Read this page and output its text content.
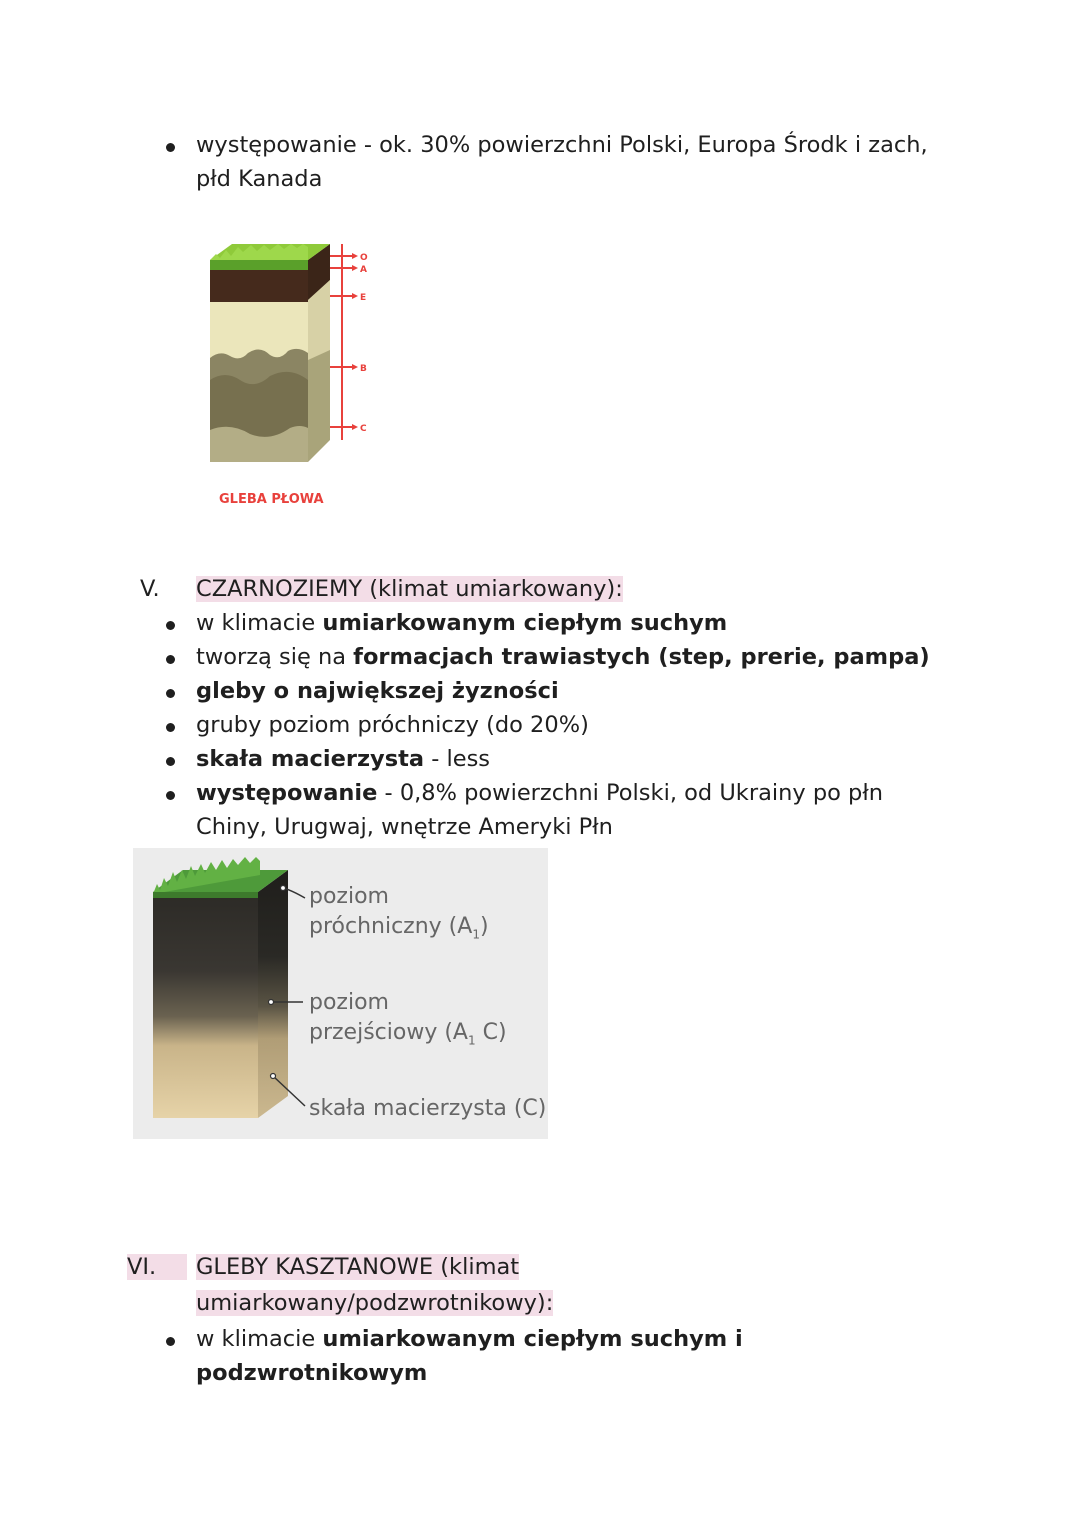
występowanie - ok. 30% powierzchni Polski, Europa Środk i zach,
płd Kanada
O
A
E
B
C
GLEBA PŁOWA
V. CZARNOZIEMY (klimat umiarkowany):
w klimacie umiarkowanym ciepłym suchym
tworzą się na formacjach trawiastych (step, prerie, pampa)
gleby o największej żyzności
gruby poziom próchniczy (do 20%)
skała macierzysta - less
występowanie - 0,8% powierzchni Polski, od Ukrainy po płn
Chiny, Urugwaj, wnętrze Ameryki Płn
poziom
próchniczny $(A_1)$
poziom
przejściowy ($A_1$ C)
skała macierzysta (C)
VI.	GLEBY KASZTANOWE (klimat
umiarkowany/podzwrotnikowy):
w klimacie umiarkowanym ciepłym suchym i
podzwrotnikowym
